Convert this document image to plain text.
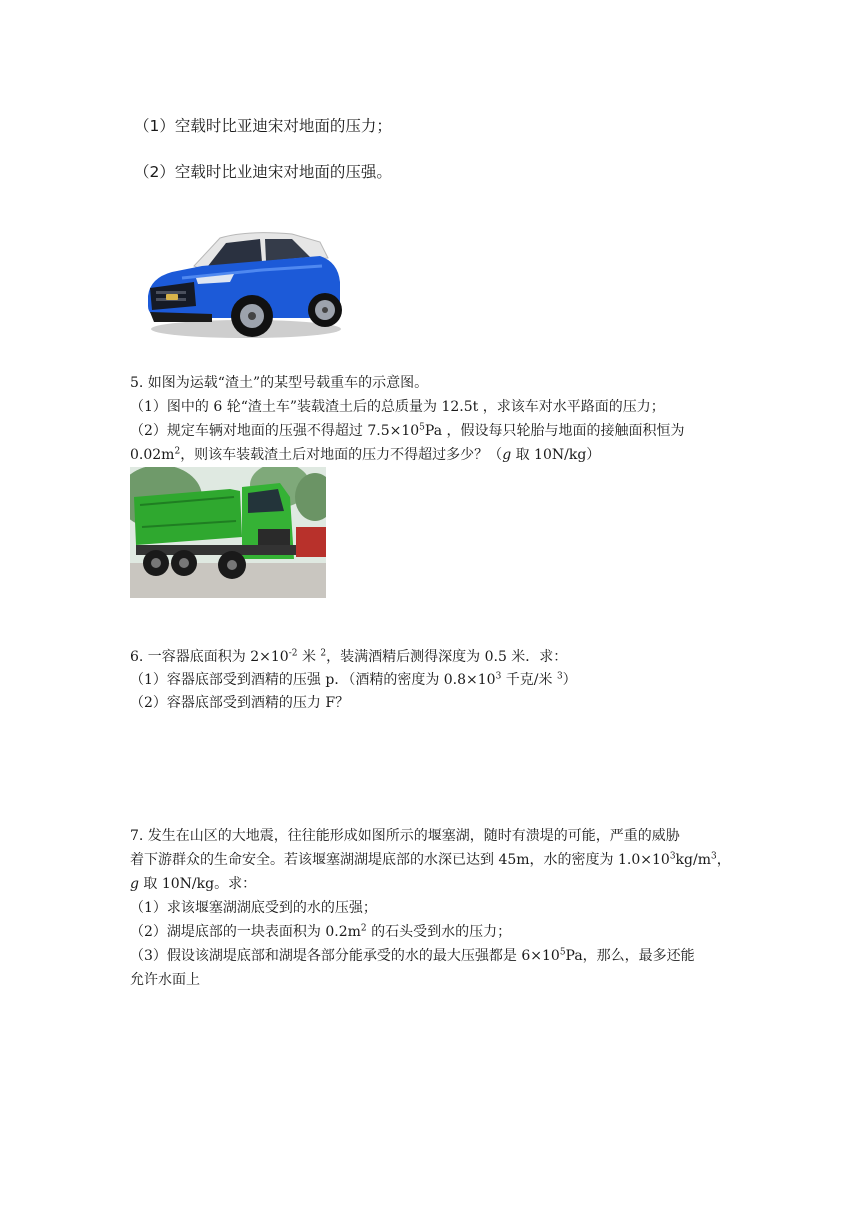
（1）空载时比亚迪宋对地面的压力；
（2）空载时比业迪宋对地面的压强。
5. 如图为运载“渣土”的某型号载重车的示意图。
（1）图中的 6 轮“渣土车”装载渣土后的总质量为 12.5t ，求该车对水平路面的压力；
（2）规定车辆对地面的压强不得超过 $7.5\times 10^5Pa$ ，假设每只轮胎与地面的接触面积恒为
$0.02m^2$，则该车装载渣土后对地面的压力不得超过多少？（g 取 10N/kg）
6. 一容器底面积为 $2\times 10^{-2}$ 米 $^2$，装满酒精后测得深度为 0.5 米．求：
（1）容器底部受到酒精的压强 p．（酒精的密度为 $0.8\times 10^3$ 千克/米 $^3$）
（2）容器底部受到酒精的压力 F？
7. 发生在山区的大地震，往往能形成如图所示的堰塞湖，随时有溃堤的可能，严重的威胁
着下游群众的生命安全。若该堰塞湖湖堤底部的水深已达到 45m，水的密度为 $1.0\times 10^3kg/m^3$，
g 取 10N/kg。求：
（1）求该堰塞湖湖底受到的水的压强；
（2）湖堤底部的一块表面积为 $0.2m^2$ 的石头受到水的压力；
（3）假设该湖堤底部和湖堤各部分能承受的水的最大压强都是 $6\times 10^5Pa$，那么，最多还能
允许水面上
